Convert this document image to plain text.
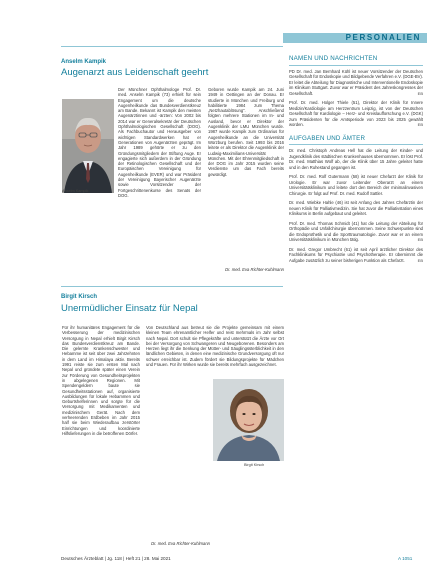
PERSONALIEN
Anselm Kampik
Augenarzt aus Leidenschaft geehrt
Anselm Kampik

Der Münchner Ophthalmologe Prof. Dr. med. Anselm Kampik (73) erhielt für sein Engagement um die deutsche Augenheilkunde das Bundesverdienstkreuz am Bande. Bekannt ist Kampik den meisten Augenärztinnen und -ärzten: Von 2002 bis 2014 war er Generalsekretär der Deutschen Ophthalmologischen Gesellschaft (DOG). Als Fachbuchautor und Herausgeber von wichtigen Standardwerken hat er Generationen von Augenärzten geprägt. Im Jahr 1989 gehörte er zu den Gründungsmitgliedern der Stiftung Auge. Er engagierte sich außerdem in der Gründung der Retinologischen Gesellschaft und der Europäischen Vereinigung für Augenheilkunde (EVER) und war Präsident der Vereinigung Bayerischer Augenärzte sowie Vorsitzender der Fortgeschrittenenkurse des Senats der DOG.

Geboren wurde Kampik am 24. Juni 1949 in Oettingen an der Donau. Er studierte in München und Freiburg und habilitierte 1984 zum Thema „Netzhautablösung“. Anschließend folgten mehrere Stationen im In- und Ausland, bevor er Direktor der Augenklinik der LMU München wurde. 1987 wurde Kampik zum Ordinarius für Augenheilkunde an die Universität Würzburg berufen. Seit 1993 bis 2016 leitete er als Direktor die Augenklinik der Ludwig-Maximilians-Universität München. Mit der Ehrenmitgliedschaft in der DOG im Jahr 2015 wurden seine Verdienste um das Fach bereits gewürdigt.

Dr. med. Eva Richter-Kuhlmann

Birgit Kirsch
Unermüdlicher Einsatz für Nepal

Für ihr humanitäres Engagement für die Verbesserung der medizinischen Versorgung in Nepal erhielt Birgit Kirsch das Bundesverdienstkreuz am Bande. Die gelernte Krankenschwester und Hebamme ist seit über zwei Jahrzehnten in dem Land im Himalaya aktiv. Bereits 1991 reiste sie zum ersten Mal nach Nepal und gründete später einen Verein zur Förderung von Gesundheitsprojekten in abgelegenen Regionen. Mit Spendengeldern baute sie Gesundheitsstationen auf, organisierte Ausbildungen für lokale Hebammen und Geburtshelferinnen und sorgte für die Versorgung mit Medikamenten und medizinischem Gerät. Nach dem verheerenden Erdbeben im Jahr 2015 half sie beim Wiederaufbau zerstörter Einrichtungen und koordinierte Hilfslieferungen in die betroffenen Dörfer.

Von Deutschland aus betreut sie die Projekte gemeinsam mit einem kleinen Team ehrenamtlicher Helfer und reist mehrmals im Jahr selbst nach Nepal. Dort schult sie Pflegekräfte und unterstützt die Ärzte vor Ort bei der Versorgung von Schwangeren und Neugeborenen. Besonders am Herzen liegt ihr die Senkung der Mütter- und Säuglingssterblichkeit in den ländlichen Gebieten, in denen eine medizinische Grundversorgung oft nur schwer erreichbar ist. Zudem fördert sie Bildungsprojekte für Mädchen und Frauen. Für ihr Wirken wurde sie bereits mehrfach ausgezeichnet.

Dr. med. Eva Richter-Kuhlmann

Birgit Kirsch
NAMEN UND NACHRICHTEN

PD Dr. med. Jan Bernhard Kühl ist neuer Vorsitzender der Deutschen Gesellschaft für Endoskopie und Bildgebende Verfahren e.V. (DGE-BV). Er leitet die Abteilung für Diagnostische und Interventionelle Endoskopie im Klinikum Stuttgart. Zuvor war er Präsident des Jahreskongresses der Gesellschaft.	EB

Prof. Dr. med. Holger Thiele (51), Direktor der Klinik für Innere Medizin/Kardiologie am Herzzentrum Leipzig, ist von der Deutschen Gesellschaft für Kardiologie – Herz- und Kreislaufforschung e.V. (DGK) zum Präsidenten für die Amtsperiode von 2023 bis 2025 gewählt worden.	EB

AUFGABEN UND ÄMTER

Dr. med. Christoph Andreas Hell hat die Leitung der Kinder- und Jugendklinik des städtischen Krankenhauses übernommen. Er löst Prof. Dr. med. Matthias Wolf ab, der die Klinik über 15 Jahre geleitet hatte und in den Ruhestand gegangen ist.

Prof. Dr. med. Rolf Gutermann (58) ist neuer Chefarzt der Klinik für Urologie. Er war zuvor Leitender Oberarzt an einem Universitätsklinikum und leitete dort den Bereich der minimalinvasiven Chirurgie. Er folgt auf Prof. Dr. med. Rudolf Sattler.

Dr. med. Wiebke Hahle (46) ist seit Anfang des Jahres Chefärztin der neuen Klinik für Palliativmedizin. Sie hat zuvor die Palliativstation eines Klinikums in Berlin aufgebaut und geleitet.

Prof. Dr. med. Thomas Schmidt (41) hat die Leitung der Abteilung für Orthopädie und Unfallchirurgie übernommen. Seine Schwerpunkte sind die Endoprothetik und die Sporttraumatologie. Zuvor war er an einem Universitätsklinikum in München tätig.	EB

Dr. med. Gregor Umbrecht (61) ist seit April ärztlicher Direktor des Fachklinikums für Psychiatrie und Psychotherapie. Er übernimmt die Aufgabe zusätzlich zu seiner bisherigen Funktion als Chefarzt.	EB

Deutsches Ärzteblatt | Jg. 118 | Heft 21 | 28. Mai 2021	A 1051
